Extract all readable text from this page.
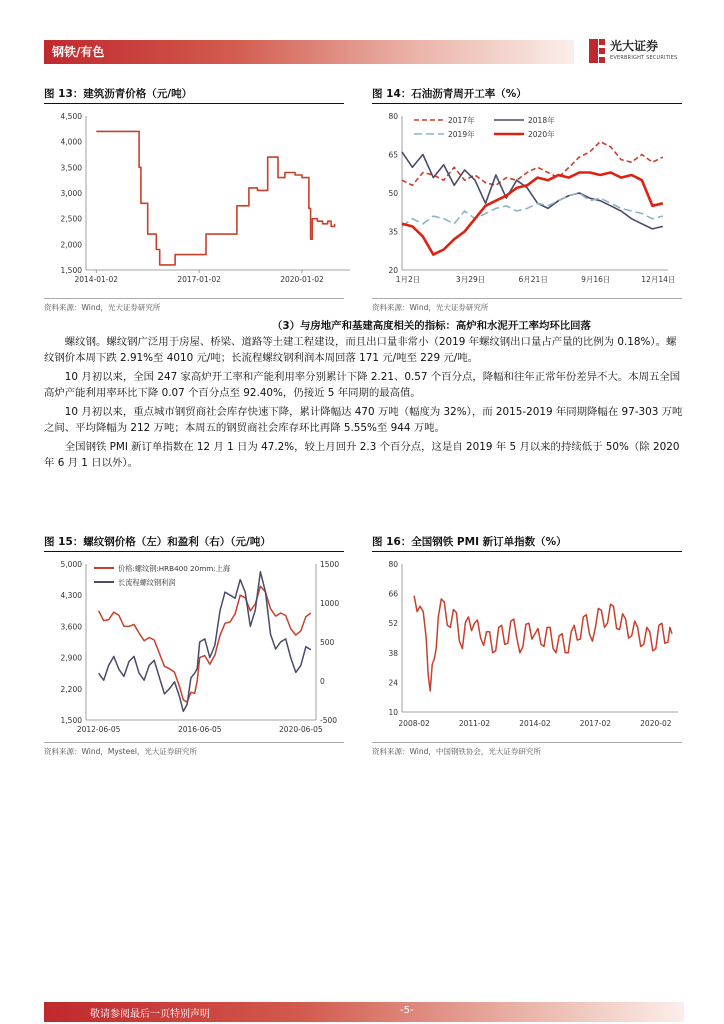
钢铁/有色	光大证券
EVERBRIGHT SECURITIES
图 13：建筑沥青价格（元/吨）
4,500
4,000
3,500
3,000
2,500
2,000
1,500
2014-01-02	2017-01-02	2020-01-02
资料来源：Wind，光大证券研究所
图 14：石油沥青周开工率（%）
80
65
50
35
20
1月2日	3月29日	6月21日	9月16日	12月14日
2017年	2018年
2019年	2020年
资料来源：Wind，光大证券研究所
（3）与房地产和基建高度相关的指标：高炉和水泥开工率均环比回落

螺纹钢。螺纹钢广泛用于房屋、桥梁、道路等土建工程建设，而且出口量非常小（2019 年螺纹钢出口量占产量的比例为 0.18%）。螺纹钢价本周下跌 2.91%至 4010 元/吨；长流程螺纹钢利润本周回落 171 元/吨至 229 元/吨。

10 月初以来，全国 247 家高炉开工率和产能利用率分别累计下降 2.21、0.57 个百分点，降幅和往年正常年份差异不大。本周五全国高炉产能利用率环比下降 0.07 个百分点至 92.40%，仍接近 5 年同期的最高值。

10 月初以来，重点城市钢贸商社会库存快速下降，累计降幅达 470 万吨（幅度为 32%），而 2015-2019 年同期降幅在 97-303 万吨之间、平均降幅为 212 万吨；本周五的钢贸商社会库存环比再降 5.55%至 944 万吨。

全国钢铁 PMI 新订单指数在 12 月 1 日为 47.2%，较上月回升 2.3 个百分点，这是自 2019 年 5 月以来的持续低于 50%（除 2020 年 6 月 1 日以外）。

图 15：螺纹钢价格（左）和盈利（右）（元/吨）
5,000
4,300
3,600
2,900
2,200
1,500
1500
1000
500
0
-500
2012-06-05	2016-06-05	2020-06-05
价格:螺纹钢:HRB400 20mm:上海
长流程螺纹钢利润
资料来源：Wind，Mysteel，光大证券研究所
图 16：全国钢铁 PMI 新订单指数（%）
80
66
52
38
24
10
2008-02	2011-02	2014-02	2017-02	2020-02
资料来源：Wind，中国钢铁协会，光大证券研究所
敬请参阅最后一页特别声明	-5-
